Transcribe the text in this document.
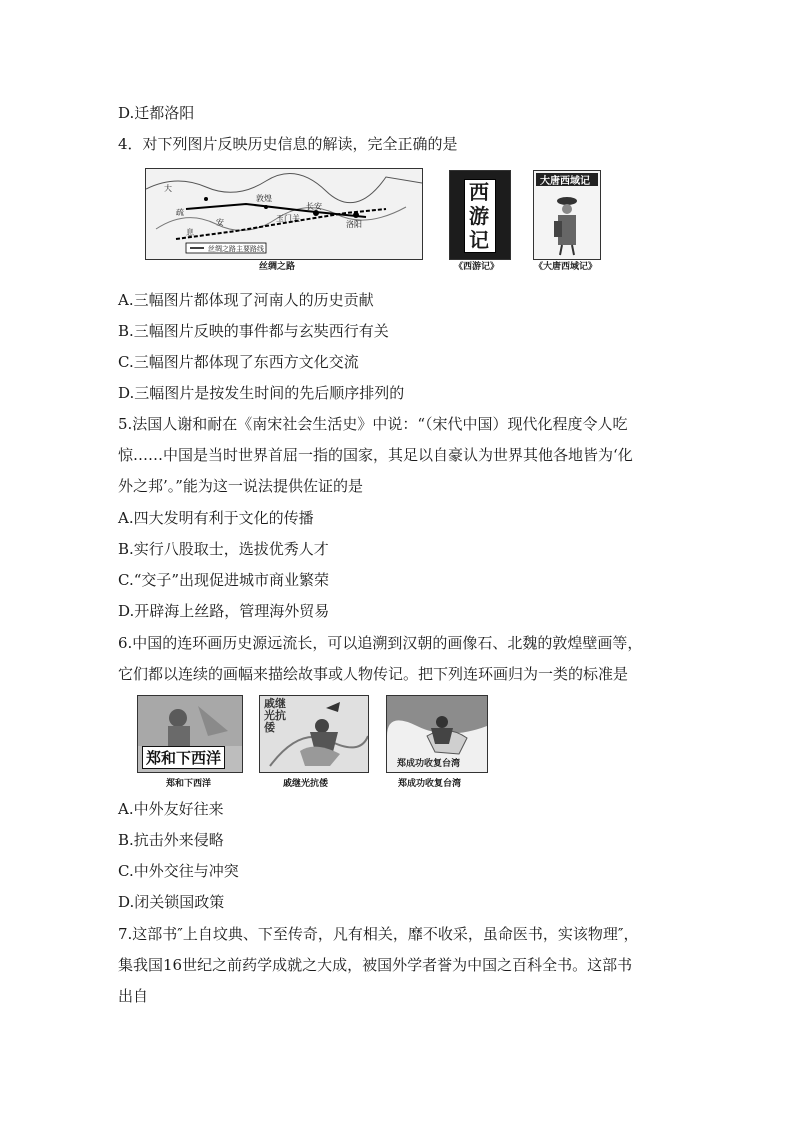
D.迁都洛阳
4．对下列图片反映历史信息的解读，完全正确的是
大
疏
安
息
长安
洛阳
敦煌
玉门关
丝绸之路主要路线
丝绸之路
西游记
《西游记》
大唐西域记
《大唐西域记》
A.三幅图片都体现了河南人的历史贡献
B.三幅图片反映的事件都与玄奘西行有关
C.三幅图片都体现了东西方文化交流
D.三幅图片是按发生时间的先后顺序排列的
5.法国人谢和耐在《南宋社会生活史》中说：“（宋代中国）现代化程度令人吃
惊……中国是当时世界首屈一指的国家，其足以自豪认为世界其他各地皆为‘化
外之邦’。”能为这一说法提供佐证的是
A.四大发明有利于文化的传播
B.实行八股取士，选拔优秀人才
C.“交子”出现促进城市商业繁荣
D.开辟海上丝路，管理海外贸易
6.中国的连环画历史源远流长，可以追溯到汉朝的画像石、北魏的敦煌壁画等，
它们都以连续的画幅来描绘故事或人物传记。把下列连环画归为一类的标准是
郑和下西洋
郑和下西洋
戚继光抗倭
戚继光抗倭
郑成功收复台湾
郑成功收复台湾
A.中外友好往来
B.抗击外来侵略
C.中外交往与冲突
D.闭关锁国政策
7.这部书″上自坟典、下至传奇，凡有相关，靡不收采，虽命医书，实该物理″，
集我国16世纪之前药学成就之大成，被国外学者誉为中国之百科全书。这部书
出自
